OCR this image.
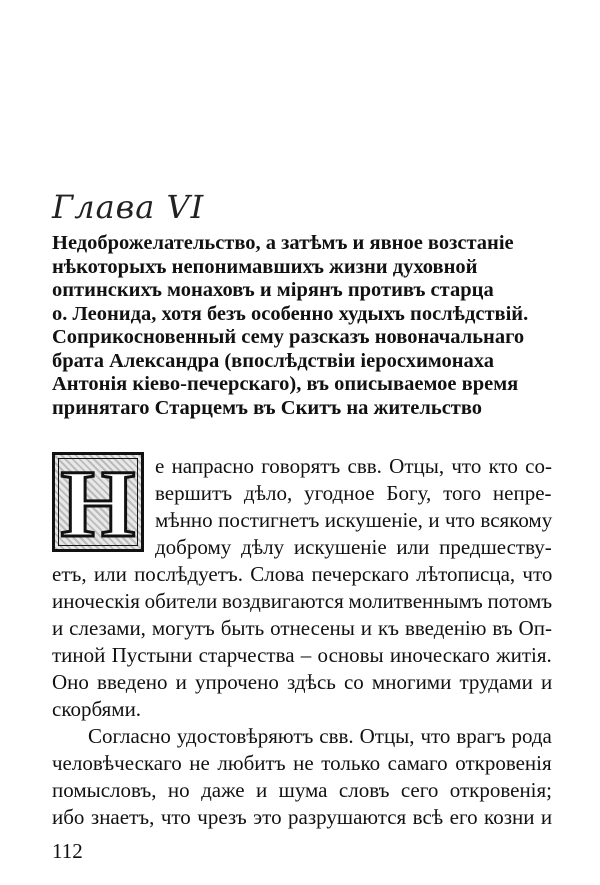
Глава VI
Недоброжелательство, а затѣмъ и явное возстаніе
нѣкоторыхъ непонимавшихъ жизни духовной
оптинскихъ монаховъ и мірянъ противъ старца
о. Леонида, хотя безъ особенно худыхъ послѣдствій.
Соприкосновенный сему разсказъ новоначальнаго
брата Александра (впослѣдствіи іеросхимонаха
Антонія кіево-печерскаго), въ описываемое время
принятаго Старцемъ въ Скитъ на жительство
Н е напрасно говорятъ свв. Отцы, что кто со-
вершитъ дѣло, угодное Богу, того непре-
мѣнно постигнетъ искушеніе, и что всякому
доброму дѣлу искушеніе или предшеству-
етъ, или послѣдуетъ. Слова печерскаго лѣтописца, что
иноческія обители воздвигаются молитвеннымъ потомъ
и слезами, могутъ быть отнесены и къ введенію въ Оп-
тиной Пустыни старчества – основы иноческаго житія.
Оно введено и упрочено здѣсь со многими трудами и
скорбями.
Согласно удостовѣряютъ свв. Отцы, что врагъ рода
человѣческаго не любитъ не только самаго откровенія
помысловъ, но даже и шума словъ сего откровенія;
ибо знаетъ, что чрезъ это разрушаются всѣ его козни и
112
